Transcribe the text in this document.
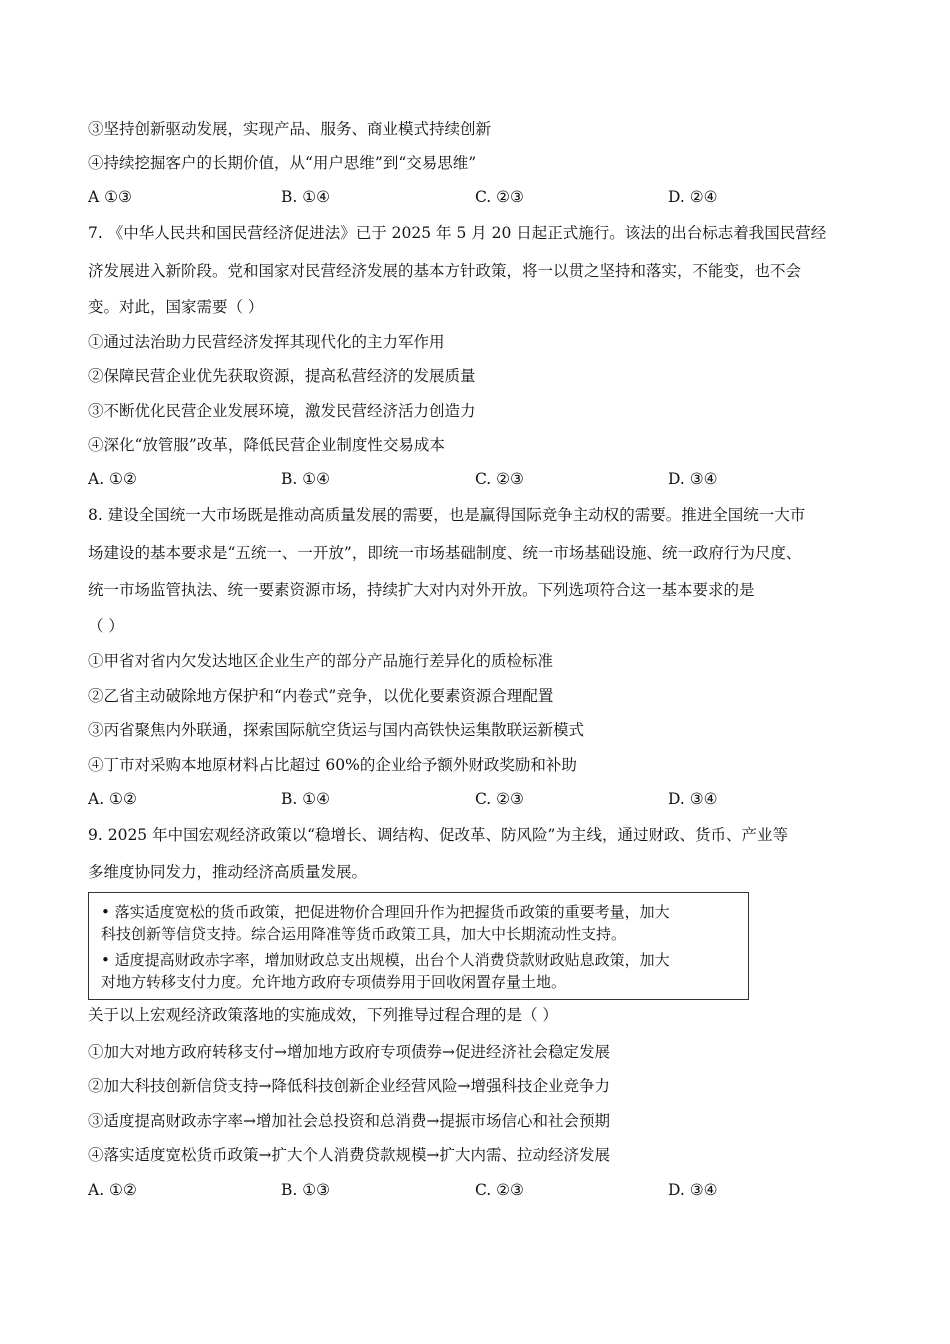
③坚持创新驱动发展，实现产品、服务、商业模式持续创新
④持续挖掘客户的长期价值，从“用户思维”到“交易思维”
A ①③	B. ①④	C. ②③	D. ②④
7. 《中华人民共和国民营经济促进法》已于 2025 年 5 月 20 日起正式施行。该法的出台标志着我国民营经
济发展进入新阶段。党和国家对民营经济发展的基本方针政策，将一以贯之坚持和落实，不能变，也不会
变。对此，国家需要（ ）
①通过法治助力民营经济发挥其现代化的主力军作用
②保障民营企业优先获取资源，提高私营经济的发展质量
③不断优化民营企业发展环境，激发民营经济活力创造力
④深化“放管服”改革，降低民营企业制度性交易成本
A. ①②	B. ①④	C. ②③	D. ③④
8. 建设全国统一大市场既是推动高质量发展的需要，也是赢得国际竞争主动权的需要。推进全国统一大市
场建设的基本要求是“五统一、一开放”，即统一市场基础制度、统一市场基础设施、统一政府行为尺度、
统一市场监管执法、统一要素资源市场，持续扩大对内对外开放。下列选项符合这一基本要求的是
（ ）
①甲省对省内欠发达地区企业生产的部分产品施行差异化的质检标准
②乙省主动破除地方保护和“内卷式”竞争，以优化要素资源合理配置
③丙省聚焦内外联通，探索国际航空货运与国内高铁快运集散联运新模式
④丁市对采购本地原材料占比超过 60%的企业给予额外财政奖励和补助
A. ①②	B. ①④	C. ②③	D. ③④
9. 2025 年中国宏观经济政策以“稳增长、调结构、促改革、防风险”为主线，通过财政、货币、产业等
多维度协同发力，推动经济高质量发展。

• 落实适度宽松的货币政策，把促进物价合理回升作为把握货币政策的重要考量，加大

科技创新等信贷支持。综合运用降准等货币政策工具，加大中长期流动性支持。

• 适度提高财政赤字率，增加财政总支出规模，出台个人消费贷款财政贴息政策，加大

对地方转移支付力度。允许地方政府专项债券用于回收闲置存量土地。

关于以上宏观经济政策落地的实施成效，下列推导过程合理的是（ ）
①加大对地方政府转移支付→增加地方政府专项债券→促进经济社会稳定发展
②加大科技创新信贷支持→降低科技创新企业经营风险→增强科技企业竞争力
③适度提高财政赤字率→增加社会总投资和总消费→提振市场信心和社会预期
④落实适度宽松货币政策→扩大个人消费贷款规模→扩大内需、拉动经济发展
A. ①②	B. ①③	C. ②③	D. ③④
